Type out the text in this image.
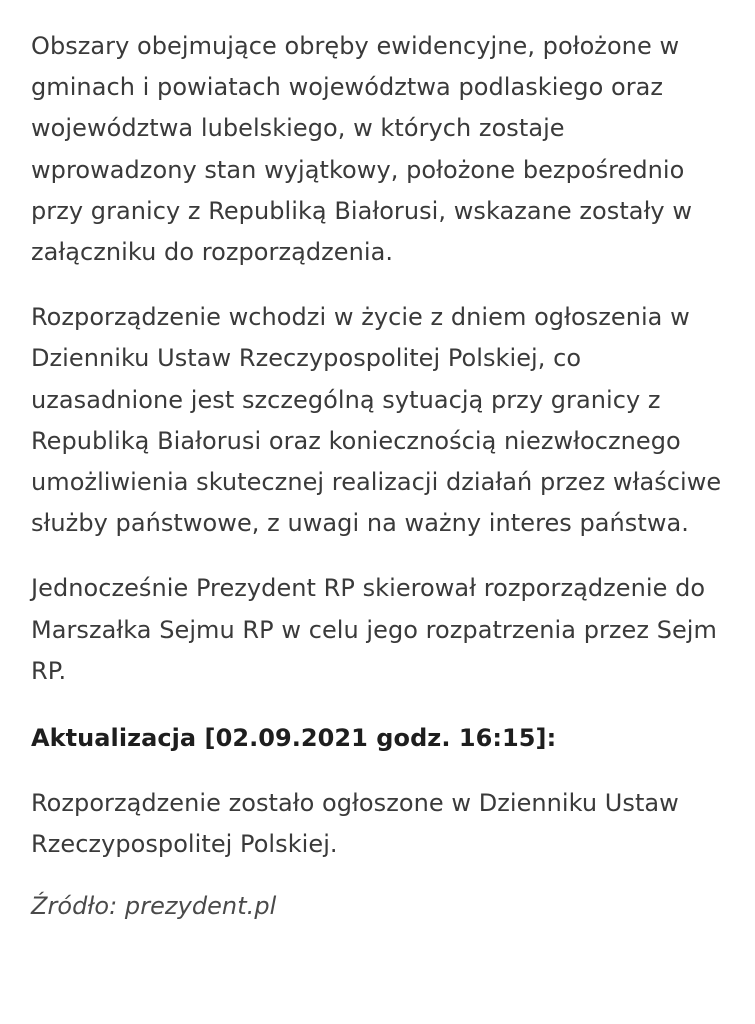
Obszary obejmujące obręby ewidencyjne, położone w gminach i powiatach województwa podlaskiego oraz województwa lubelskiego, w których zostaje wprowadzony stan wyjątkowy, położone bezpośrednio przy granicy z Republiką Białorusi, wskazane zostały w załączniku do rozporządzenia.

Rozporządzenie wchodzi w życie z dniem ogłoszenia w Dzienniku Ustaw Rzeczypospolitej Polskiej, co uzasadnione jest szczególną sytuacją przy granicy z Republiką Białorusi oraz koniecznością niezwłocznego umożliwienia skutecznej realizacji działań przez właściwe służby państwowe, z uwagi na ważny interes państwa.

Jednocześnie Prezydent RP skierował rozporządzenie do Marszałka Sejmu RP w celu jego rozpatrzenia przez Sejm RP.

Aktualizacja [02.09.2021 godz. 16:15]:

Rozporządzenie zostało ogłoszone w Dzienniku Ustaw Rzeczypospolitej Polskiej.

Źródło: prezydent.pl
